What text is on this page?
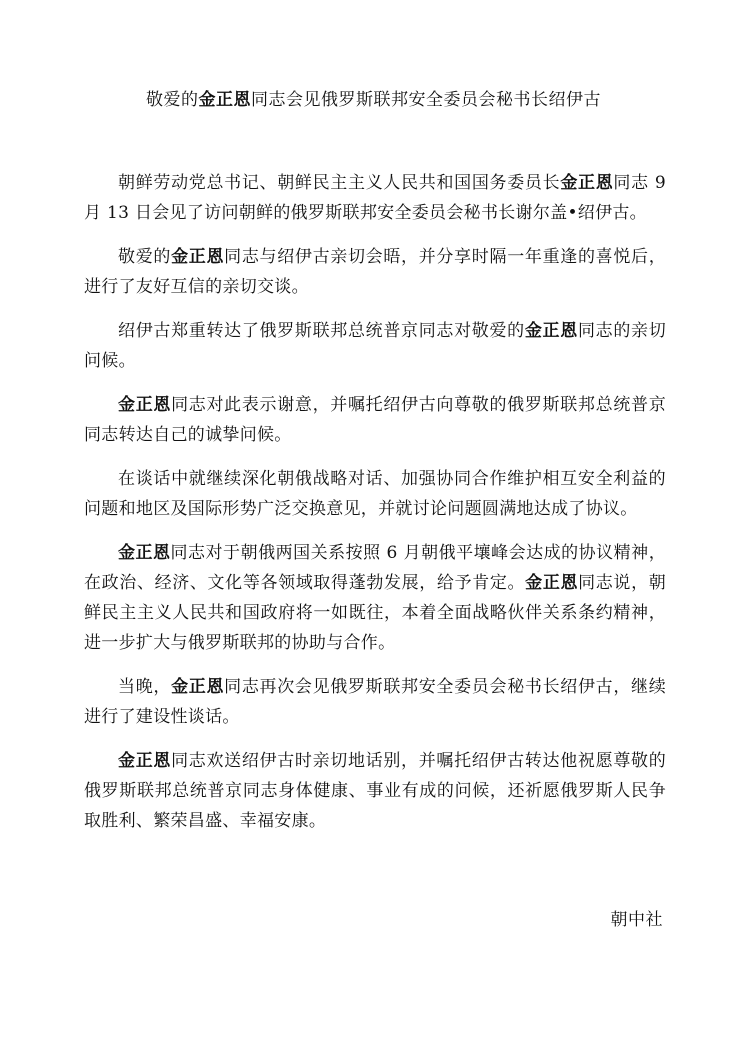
敬爱的金正恩同志会见俄罗斯联邦安全委员会秘书长绍伊古

朝鲜劳动党总书记、朝鲜民主主义人民共和国国务委员长金正恩同志 9 月 13 日会见了访问朝鲜的俄罗斯联邦安全委员会秘书长谢尔盖•绍伊古。

敬爱的金正恩同志与绍伊古亲切会晤，并分享时隔一年重逢的喜悦后，进行了友好互信的亲切交谈。

绍伊古郑重转达了俄罗斯联邦总统普京同志对敬爱的金正恩同志的亲切问候。

金正恩同志对此表示谢意，并嘱托绍伊古向尊敬的俄罗斯联邦总统普京同志转达自己的诚挚问候。

在谈话中就继续深化朝俄战略对话、加强协同合作维护相互安全利益的问题和地区及国际形势广泛交换意见，并就讨论问题圆满地达成了协议。

金正恩同志对于朝俄两国关系按照 6 月朝俄平壤峰会达成的协议精神，在政治、经济、文化等各领域取得蓬勃发展，给予肯定。金正恩同志说，朝鲜民主主义人民共和国政府将一如既往，本着全面战略伙伴关系条约精神，进一步扩大与俄罗斯联邦的协助与合作。

当晚，金正恩同志再次会见俄罗斯联邦安全委员会秘书长绍伊古，继续进行了建设性谈话。

金正恩同志欢送绍伊古时亲切地话别，并嘱托绍伊古转达他祝愿尊敬的俄罗斯联邦总统普京同志身体健康、事业有成的问候，还祈愿俄罗斯人民争取胜利、繁荣昌盛、幸福安康。

朝中社
